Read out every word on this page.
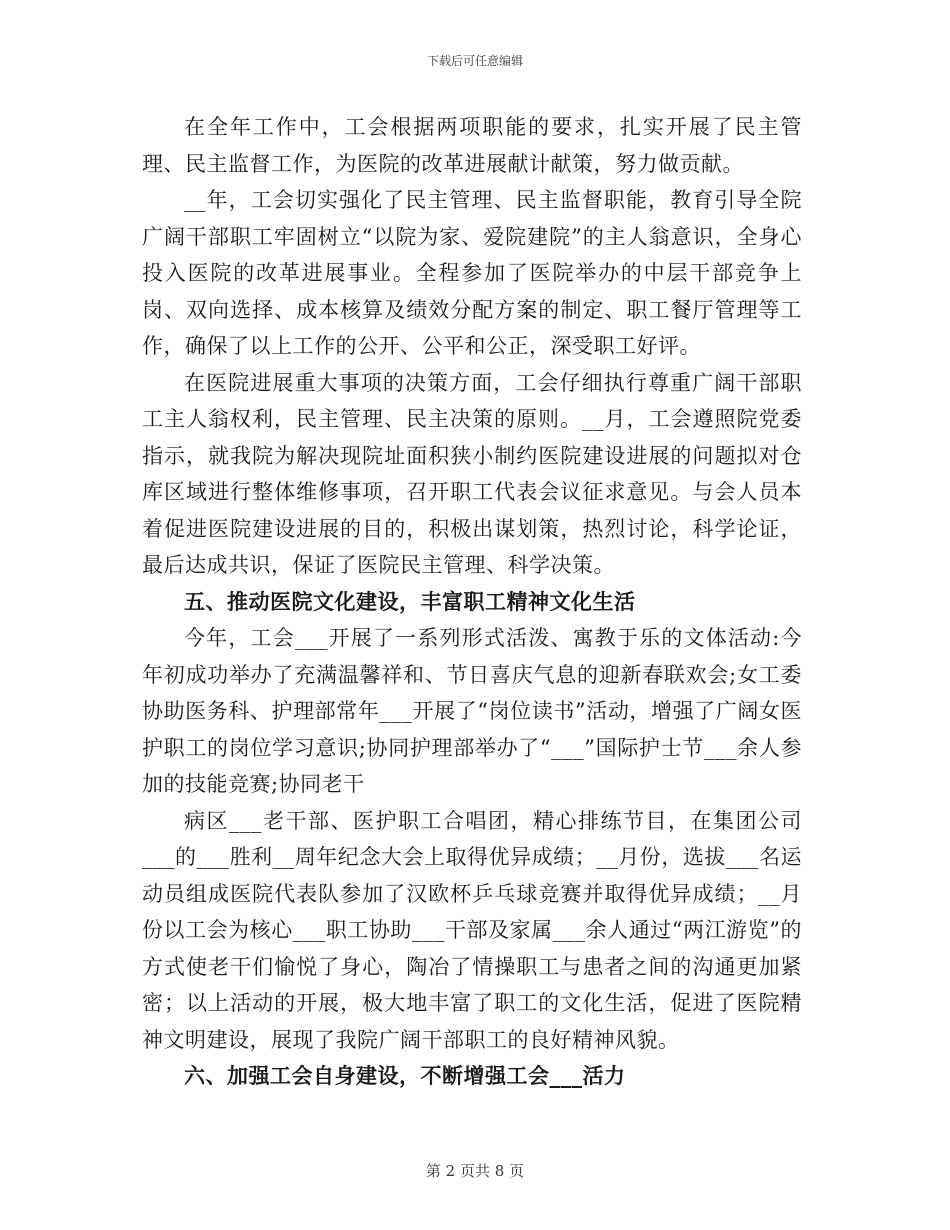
下载后可任意编辑

在全年工作中，工会根据两项职能的要求，扎实开展了民主管理、民主监督工作，为医院的改革进展献计献策，努力做贡献。

__年，工会切实强化了民主管理、民主监督职能，教育引导全院广阔干部职工牢固树立“以院为家、爱院建院”的主人翁意识，全身心投入医院的改革进展事业。全程参加了医院举办的中层干部竞争上岗、双向选择、成本核算及绩效分配方案的制定、职工餐厅管理等工作，确保了以上工作的公开、公平和公正，深受职工好评。

在医院进展重大事项的决策方面，工会仔细执行尊重广阔干部职工主人翁权利，民主管理、民主决策的原则。__月，工会遵照院党委指示，就我院为解决现院址面积狭小制约医院建设进展的问题拟对仓库区域进行整体维修事项，召开职工代表会议征求意见。与会人员本着促进医院建设进展的目的，积极出谋划策，热烈讨论，科学论证，最后达成共识，保证了医院民主管理、科学决策。

五、推动医院文化建设，丰富职工精神文化生活

今年，工会___开展了一系列形式活泼、寓教于乐的文体活动:今年初成功举办了充满温馨祥和、节日喜庆气息的迎新春联欢会;女工委协助医务科、护理部常年___开展了“岗位读书”活动，增强了广阔女医护职工的岗位学习意识;协同护理部举办了“___”国际护士节___余人参加的技能竞赛;协同老干

病区___老干部、医护职工合唱团，精心排练节目，在集团公司___的___胜利__周年纪念大会上取得优异成绩；__月份，选拔___名运动员组成医院代表队参加了汉欧杯乒乓球竞赛并取得优异成绩；__月份以工会为核心___职工协助___干部及家属___余人通过“两江游览”的方式使老干们愉悦了身心，陶冶了情操职工与患者之间的沟通更加紧密；以上活动的开展，极大地丰富了职工的文化生活，促进了医院精神文明建设，展现了我院广阔干部职工的良好精神风貌。

六、加强工会自身建设，不断增强工会___活力
第 2 页共 8 页
